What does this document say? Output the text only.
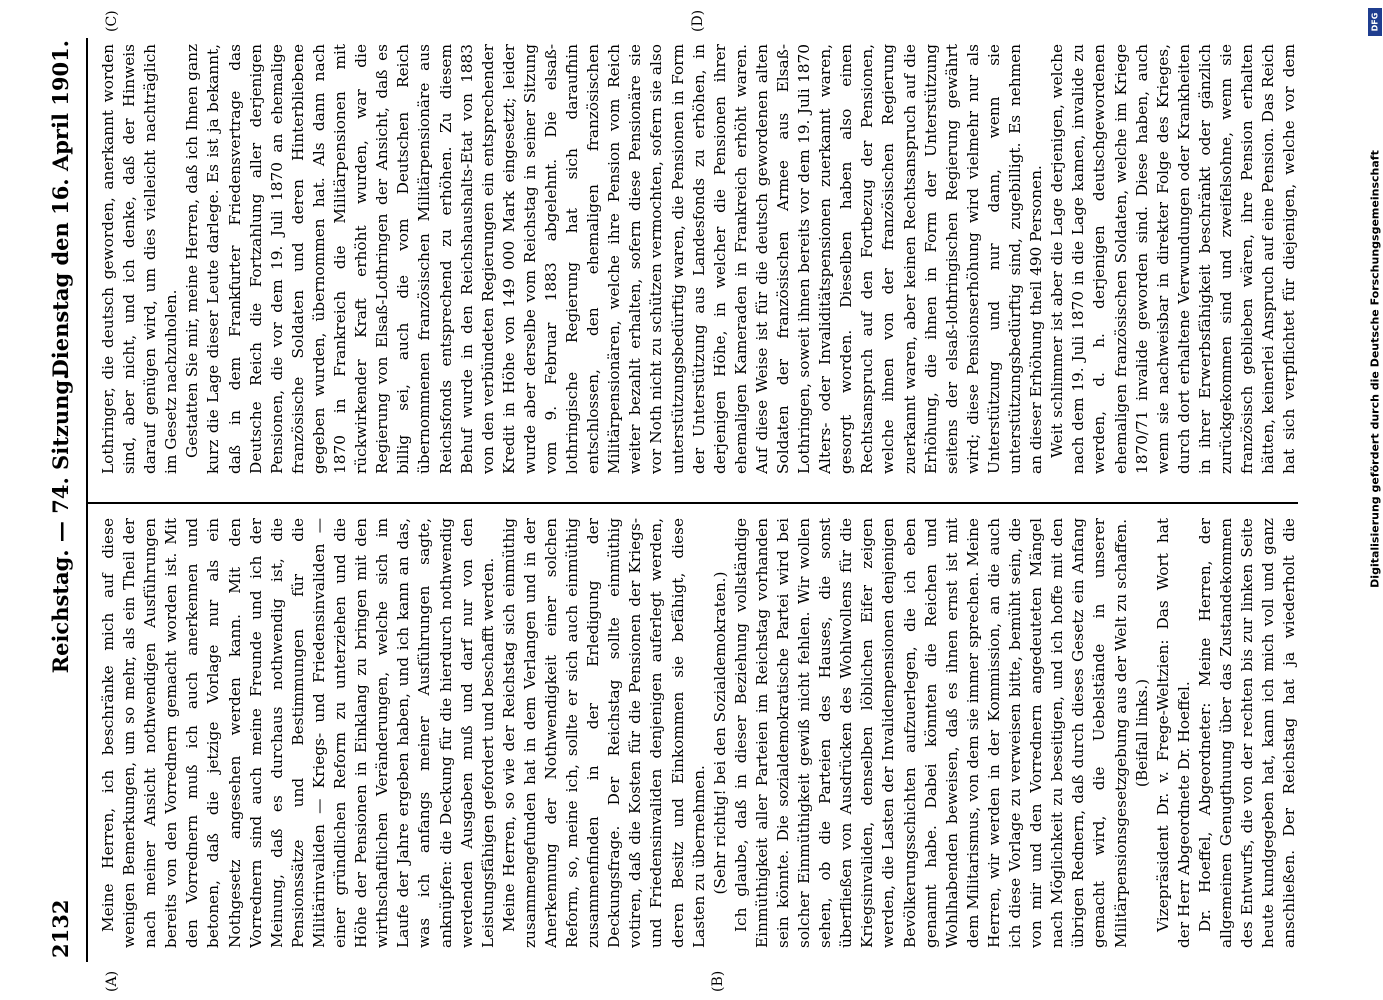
2132
Reichstag. — 74. Sitzung.
Dienstag den 16. April 1901.
(A)	(B)
(C)	(D)

Meine Herren, ich beschränke mich auf diese wenigen Bemerkungen, um so mehr, als ein Theil der nach meiner Ansicht nothwendigen Ausführungen bereits von den Vorrednern gemacht worden ist. Mit den Vorrednern muß ich auch anerkennen und betonen, daß die jetzige Vorlage nur als ein Nothgesetz angesehen werden kann. Mit den Vorrednern sind auch meine Freunde und ich der Meinung, daß es durchaus nothwendig ist, die Pensionssätze und Bestimmungen für die Militärinvaliden — Kriegs- und Friedensinvaliden — einer gründlichen Reform zu unterziehen und die Höhe der Pensionen in Einklang zu bringen mit den wirthschaftlichen Veränderungen, welche sich im Laufe der Jahre ergeben haben, und ich kann an das, was ich anfangs meiner Ausführungen sagte, anknüpfen: die Deckung für die hierdurch nothwendig werdenden Ausgaben muß und darf nur von den Leistungsfähigen gefordert und beschafft werden. Meine Herren, so wie der Reichstag sich einmüthig zusammengefunden hat in dem Verlangen und in der Anerkennung der Nothwendigkeit einer solchen Reform, so, meine ich, sollte er sich auch einmüthig zusammenfinden in der Erledigung der Deckungsfrage. Der Reichstag sollte einmüthig votiren, daß die Kosten für die Pensionen der Kriegs- und Friedensinvaliden denjenigen auferlegt werden, deren Besitz und Einkommen sie befähigt, diese Lasten zu übernehmen. (Sehr richtig! bei den Sozialdemokraten.) Ich glaube, daß in dieser Beziehung vollständige Einmüthigkeit aller Parteien im Reichstag vorhanden sein könnte. Die sozialdemokratische Partei wird bei solcher Einmüthigkeit gewiß nicht fehlen. Wir wollen sehen, ob die Parteien des Hauses, die sonst überfließen von Ausdrücken des Wohlwollens für die Kriegsinvaliden, denselben löblichen Eifer zeigen werden, die Lasten der Invalidenpensionen denjenigen Bevölkerungsschichten aufzuerlegen, die ich eben genannt habe. Dabei könnten die Reichen und Wohlhabenden beweisen, daß es ihnen ernst ist mit dem Militarismus, von dem sie immer sprechen. Meine Herren, wir werden in der Kommission, an die auch ich diese Vorlage zu verweisen bitte, bemüht sein, die von mir und den Vorrednern angedeuteten Mängel nach Möglichkeit zu beseitigen, und ich hoffe mit den übrigen Rednern, daß durch dieses Gesetz ein Anfang gemacht wird, die Uebelstände in unserer Militärpensionsgesetzgebung aus der Welt zu schaffen. (Beifall links.) Vizepräsident Dr. v. Frege-Weltzien: Das Wort hat der Herr Abgeordnete Dr. Hoeffel. Dr. Hoeffel, Abgeordneter: Meine Herren, der allgemeinen Genugthuung über das Zustandekommen des Entwurfs, die von der rechten bis zur linken Seite heute kundgegeben hat, kann ich mich voll und ganz anschließen. Der Reichstag hat ja wiederholt die

Lothringer, die deutsch geworden, anerkannt worden sind, aber nicht, und ich denke, daß der Hinweis darauf genügen wird, um dies vielleicht nachträglich im Gesetz nachzuholen. Gestatten Sie mir, meine Herren, daß ich Ihnen ganz kurz die Lage dieser Leute darlege. Es ist ja bekannt, daß in dem Frankfurter Friedensvertrage das Deutsche Reich die Fortzahlung aller derjenigen Pensionen, die vor dem 19. Juli 1870 an ehemalige französische Soldaten und deren Hinterbliebene gegeben wurden, übernommen hat. Als dann nach 1870 in Frankreich die Militärpensionen mit rückwirkender Kraft erhöht wurden, war die Regierung von Elsaß-Lothringen der Ansicht, daß es billig sei, auch die vom Deutschen Reich übernommenen französischen Militärpensionäre aus Reichsfonds entsprechend zu erhöhen. Zu diesem Behuf wurde in den Reichshaushalts-Etat von 1883 von den verbündeten Regierungen ein entsprechender Kredit in Höhe von 149 000 Mark eingesetzt; leider wurde aber derselbe vom Reichstag in seiner Sitzung vom 9. Februar 1883 abgelehnt. Die elsaß-lothringische Regierung hat sich daraufhin entschlossen, den ehemaligen französischen Militärpensionären, welche ihre Pension vom Reich weiter bezahlt erhalten, sofern diese Pensionäre sie vor Noth nicht zu schützen vermochten, sofern sie also unterstützungsbedürftig waren, die Pensionen in Form der Unterstützung aus Landesfonds zu erhöhen, in derjenigen Höhe, in welcher die Pensionen ihrer ehemaligen Kameraden in Frankreich erhöht waren. Auf diese Weise ist für die deutsch gewordenen alten Soldaten der französischen Armee aus Elsaß-Lothringen, soweit ihnen bereits vor dem 19. Juli 1870 Alters- oder Invaliditätspensionen zuerkannt waren, gesorgt worden. Dieselben haben also einen Rechtsanspruch auf den Fortbezug der Pensionen, welche ihnen von der französischen Regierung zuerkannt waren, aber keinen Rechtsanspruch auf die Erhöhung, die ihnen in Form der Unterstützung seitens der elsaß-lothringischen Regierung gewährt wird; diese Pensionserhöhung wird vielmehr nur als Unterstützung und nur dann, wenn sie unterstützungsbedürftig sind, zugebilligt. Es nehmen an dieser Erhöhung theil 490 Personen. Weit schlimmer ist aber die Lage derjenigen, welche nach dem 19. Juli 1870 in die Lage kamen, invalide zu werden, d. h. derjenigen deutschgewordenen ehemaligen französischen Soldaten, welche im Kriege 1870/71 invalide geworden sind. Diese haben, auch wenn sie nachweisbar in direkter Folge des Krieges, durch dort erhaltene Verwundungen oder Krankheiten in ihrer Erwerbsfähigkeit beschränkt oder gänzlich zurückgekommen sind und zweifelsohne, wenn sie französisch geblieben wären, ihre Pension erhalten hätten, keinerlei Anspruch auf eine Pension. Das Reich hat sich verpflichtet für diejenigen, welche vor dem

DFG
Digitalisierung gefördert durch die Deutsche Forschungsgemeinschaft
